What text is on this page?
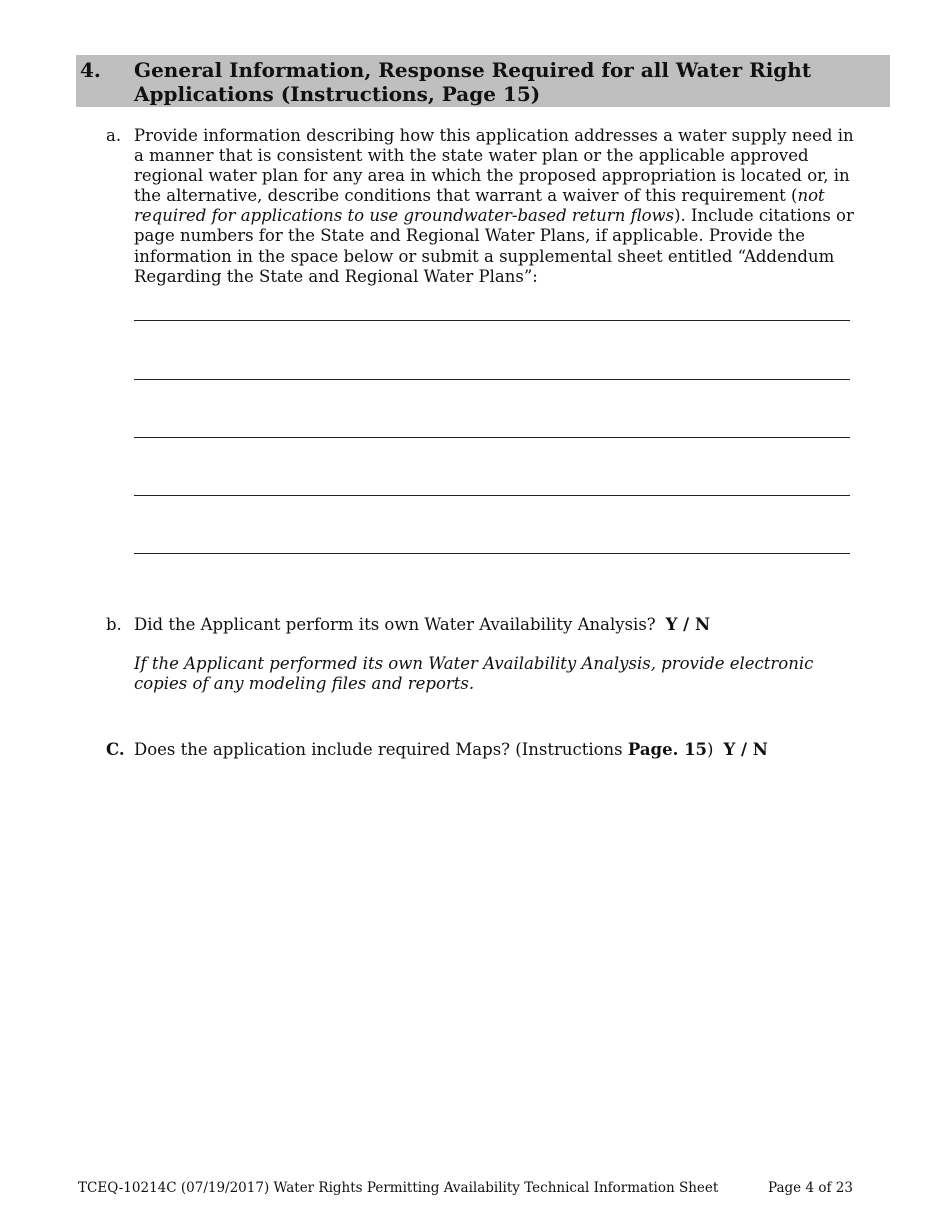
4. General Information, Response Required for all Water Right Applications (Instructions, Page 15)
a. Provide information describing how this application addresses a water supply need in a manner that is consistent with the state water plan or the applicable approved regional water plan for any area in which the proposed appropriation is located or, in the alternative, describe conditions that warrant a waiver of this requirement (not required for applications to use groundwater-based return flows). Include citations or page numbers for the State and Regional Water Plans, if applicable. Provide the information in the space below or submit a supplemental sheet entitled “Addendum Regarding the State and Regional Water Plans”:
b. Did the Applicant perform its own Water Availability Analysis? Y / N
If the Applicant performed its own Water Availability Analysis, provide electronic copies of any modeling files and reports.
C. Does the application include required Maps? (Instructions Page. 15) Y / N
TCEQ-10214C (07/19/2017) Water Rights Permitting Availability Technical Information Sheet	Page 4 of 23
